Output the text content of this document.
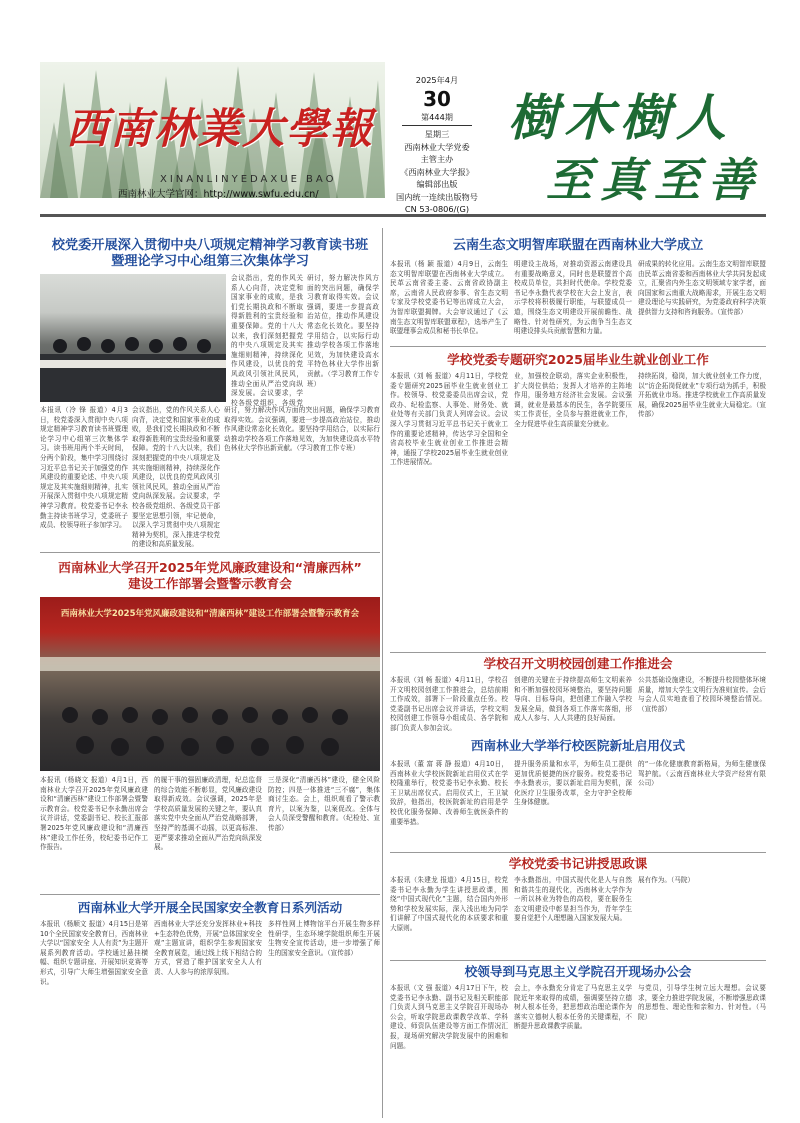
西南林業大學報
XINANLINYEDAXUE BAO
西南林业大学官网：http://www.swfu.edu.cn/
2025年4月
30
第444期
星期三
西南林业大学党委
主管主办
《西南林业大学报》
编辑部出版
国内统一连续出版物号
CN 53-0806/(G)
樹木樹人
至真至善
校党委开展深入贯彻中央八项规定精神学习教育读书班
暨理论学习中心组第三次集体学习
本报讯（冷 锋 报道）4月3日，校党委深入贯彻中央八项规定精神学习教育读书班暨理论学习中心组第三次集体学习。读书班用两个半天时间，分两个阶段，集中学习围绕讨习近平总书记关于加强党的作风建设的重要论述、中央八项规定及其实施细则精神，扎实开展深入贯彻中央八项规定精神学习教育。校党委书记李永勤主持读书班学习，党委班子成员、校领导班子参加学习。
会议指出，党的作风关系人心向背，决定党和国家事业的成败，是我们党长期执政和不断取得新胜利的宝贵经验和重要保障。党的十八大以来，我们深刻把握党的中央八项规定及其实施细则精神，持续深化作风建设，以优良的党风政风引领社风民风，推动全面从严治党向纵深发展。会议要求，学校各级党组织、各级党
研讨，努力解决作风方面的突出问题，确保学习教育取得实效。会议强调，要进一步提高政治站位，推动作风建设常态化长效化。要坚持学用结合，以实际行动推动学校各项工作落地见效，为加快建设高水平特色林业大学作出新贡献。（学习教育工作专班）
会议指出，党的作风关系人心向背，决定党和国家事业的成败，是我们党长期执政和不断取得新胜利的宝贵经验和重要保障。党的十八大以来，我们深刻把握党的中央八项规定及其实施细则精神，持续深化作风建设，以优良的党风政风引领社风民风，推动全面从严治党向纵深发展。会议要求，学校各级党组织、各级党员干部要坚定思想引领，牢记使命，以深入学习贯彻中央八项规定精神为契机，深入推进学校党的建设和高质量发展。
研讨，努力解决作风方面的突出问题，确保学习教育取得实效。会议强调，要进一步提高政治站位，推动作风建设常态化长效化。要坚持学用结合，以实际行动推动学校各项工作落地见效，为加快建设高水平特色林业大学作出新贡献。（学习教育工作专班）
西南林业大学召开2025年党风廉政建设和“清廉西林”
建设工作部署会暨警示教育会
西南林业大学2025年党风廉政建设和“清廉西林”建设工作部署会暨警示教育会
本报讯（杨晓文 报道）4月1日，西南林业大学召开2025年党风廉政建设和“清廉西林”建设工作部署会暨警示教育会。校党委书记李永勤出席会议并讲话，党委副书记、校长汇报部署2025年党风廉政建设和“清廉西林”建设工作任务，校纪委书记作工作报告。
的履干事的强固廉政清理，纪总监督的综合效能不断彰显，党风廉政建设取得新成效。会议强调，2025年是学校高质量发展的关键之年，要认真落实党中央全面从严治党战略部署，坚持严的基调不动摇，以更高标准、更严要求推动全面从严治党向纵深发展。
三是深化“清廉西林”建设，健全风险防控；四是一体推进“三不腐”，集体商讨生态。会上，组织观看了警示教育片，以案为鉴，以案促改。全体与会人员深受警醒和教育。（纪检处、宣传部）
西南林业大学开展全民国家安全教育日系列活动
本报讯（杨顺文 报道）4月15日是第10个全民国家安全教育日，西南林业大学以“国家安全 人人有责”为主题开展系列教育活动。学校通过悬挂横幅、组织专题讲座、开展知识竞赛等形式，引导广大师生增强国家安全意识。
西南林业大学还充分发挥林业+科技+生态特色优势，开展“总体国家安全观”主题宣讲，组织学生参观国家安全教育展览，通过线上线下相结合的方式，营造了维护国家安全人人有责、人人参与的浓厚氛围。
多样性网上博物馆平台开展生物多样性研学，生态环境学院组织师生开展生物安全宣传活动，进一步增强了师生的国家安全意识。（宣传部）
云南生态文明智库联盟在西南林业大学成立
本报讯（杨 颖 报道）4月9日，云南生态文明智库联盟在西南林业大学成立。民革云南省委主委、云南省政协副主席，云南省人民政府参事、省生态文明专家及学校党委书记等出席成立大会，为智库联盟揭牌。大会审议通过了《云南生态文明智库联盟章程》，选举产生了联盟理事会成员和秘书长单位。
明建设主战场，对推动资源云南建设具有重要战略意义，同时也是联盟首个高校成员单位，共担时代使命。学校党委书记李永勤代表学校在大会上发言，表示学校将积极履行职能，与联盟成员一道，围绕生态文明建设开展前瞻性、战略性、针对性研究，为云南争当生态文明建设排头兵贡献智慧和力量。
研成果的转化应用。云南生态文明智库联盟由民革云南省委和西南林业大学共同发起成立，汇聚省内外生态文明领域专家学者，面向国家和云南重大战略需求，开展生态文明建设理论与实践研究，为党委政府科学决策提供智力支持和咨询服务。（宣传部）
学校党委专题研究2025届毕业生就业创业工作
本报讯（刘 畅 报道）4月11日，学校党委专题研究2025届毕业生就业创业工作。校领导、校党委委员出席会议，党政办、纪检监察、人事处、财务处、就业处等有关部门负责人列席会议。会议深入学习贯彻习近平总书记关于就业工作的重要论述精神，传达学习全国和全省高校毕业生就业创业工作推进会精神，通报了学校2025届毕业生就业创业工作进展情况。
业，加强校企联动，落实企业积极性，扩大岗位供给；发挥人才培养的主阵地作用，服务地方经济社会发展。会议强调，就业是最基本的民生，各学院要压实工作责任，全员参与推进就业工作，全力促进毕业生高质量充分就业。
持续拓岗，稳岗，加大就业创业工作力度，以“访企拓岗促就业”专项行动为抓手，积极开拓就业市场。推进学校就业工作高质量发展，确保2025届毕业生就业大局稳定。（宣传部）
学校召开文明校园创建工作推进会
本报讯（刘 畅 报道）4月11日，学校召开文明校园创建工作推进会，总结前期工作成效，部署下一阶段重点任务。校党委副书记出席会议并讲话，学校文明校园创建工作领导小组成员、各学院和部门负责人参加会议。
创建的关键在于持续提高师生文明素养和不断加强校园环境整治，要坚持问题导向、目标导向，把创建工作融入学校发展全局，做到各项工作落实落细，形成人人参与、人人共建的良好局面。
公共基础设施建设，不断提升校园整体环境质量，增加大学生文明行为准则宣传。会后与会人员实地查看了校园环境整治情况。（宣传部）
西南林业大学举行校医院新址启用仪式
本报讯（董 富 蒋 静 报道）4月10日，西南林业大学校医院新址启用仪式在学校隆重举行，校党委书记李永勤、校长王卫斌出席仪式。启用仪式上，王卫斌致辞，他指出，校医院新址的启用是学校优化服务保障、改善师生就医条件的重要举措。
提升服务质量和水平，为师生员工提供更加优质便捷的医疗服务。校党委书记李永勤表示，要以新址启用为契机，深化医疗卫生服务改革，全力守护全校师生身体健康。
的“一体化健康教育新格局，为师生健康保驾护航。（云南西南林业大学资产经营有限公司）
学校党委书记讲授思政课
本报讯（朱建龙 报道）4月15日，校党委书记李永勤为学生讲授思政课，围绕“中国式现代化”主题，结合国内外形势和学校发展实际，深入浅出地为同学们讲解了中国式现代化的本质要求和重大原则。
李永勤指出，中国式现代化是人与自然和谐共生的现代化，西南林业大学作为一所以林业为特色的高校，要在服务生态文明建设中彰显担当作为，青年学生要自觉把个人理想融入国家发展大局。
展有作为。（马院）
校领导到马克思主义学院召开现场办公会
本报讯（文 强 报道）4月17日下午，校党委书记李永勤、副书记及相关职能部门负责人到马克思主义学院召开现场办公会，听取学院思政课教学改革、学科建设、师资队伍建设等方面工作情况汇报，现场研究解决学院发展中的困难和问题。
会上，李永勤充分肯定了马克思主义学院近年来取得的成绩，强调要坚持立德树人根本任务，把思想政治理论课作为落实立德树人根本任务的关键课程，不断提升思政课教学质量。
与党员，引导学生树立远大理想。会议要求，要全力推进学院发展，不断增强思政课的思想性、理论性和亲和力、针对性。（马院）
